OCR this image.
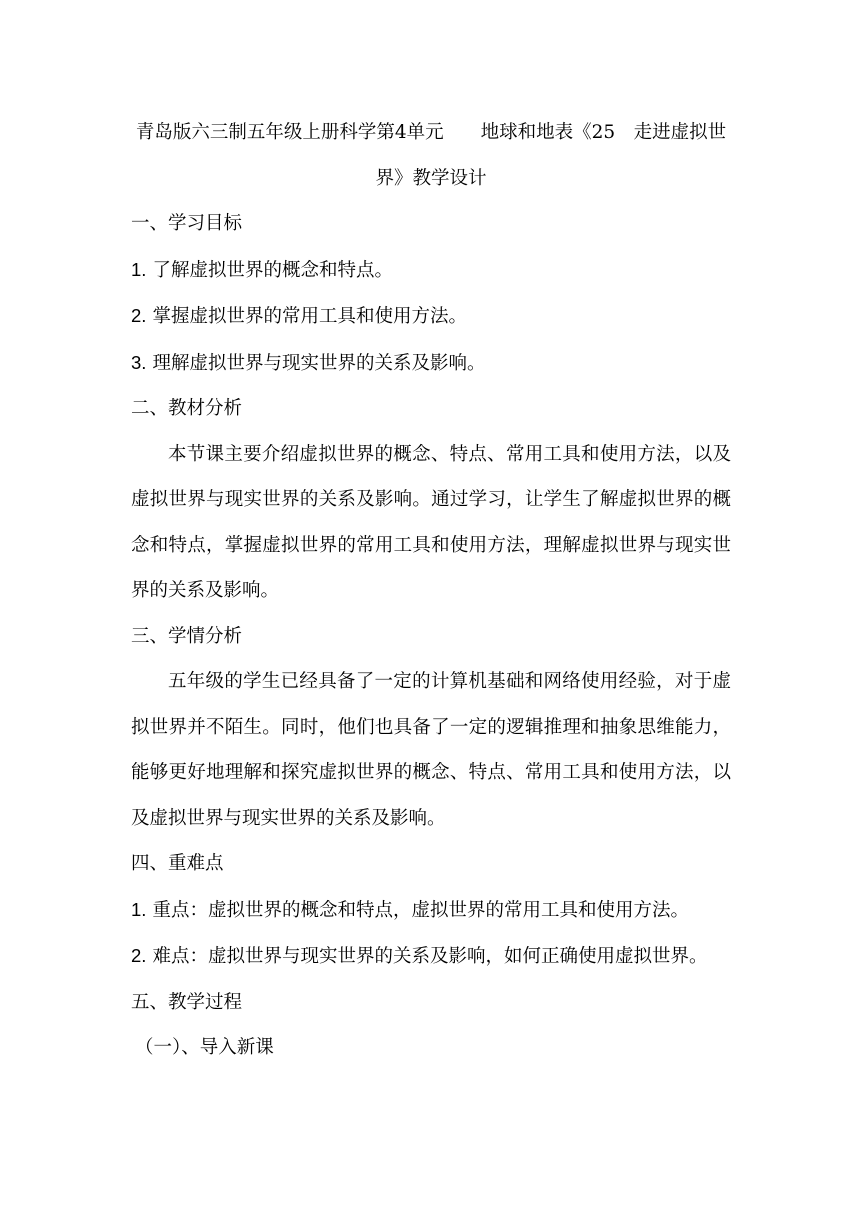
青岛版六三制五年级上册科学第4单元　　地球和地表《25　走进虚拟世界》教学设计

一、学习目标

1. 了解虚拟世界的概念和特点。

2. 掌握虚拟世界的常用工具和使用方法。

3. 理解虚拟世界与现实世界的关系及影响。

二、教材分析

本节课主要介绍虚拟世界的概念、特点、常用工具和使用方法，以及虚拟世界与现实世界的关系及影响。通过学习，让学生了解虚拟世界的概念和特点，掌握虚拟世界的常用工具和使用方法，理解虚拟世界与现实世界的关系及影响。

三、学情分析

五年级的学生已经具备了一定的计算机基础和网络使用经验，对于虚拟世界并不陌生。同时，他们也具备了一定的逻辑推理和抽象思维能力，能够更好地理解和探究虚拟世界的概念、特点、常用工具和使用方法，以及虚拟世界与现实世界的关系及影响。

四、重难点

1. 重点：虚拟世界的概念和特点，虚拟世界的常用工具和使用方法。

2. 难点：虚拟世界与现实世界的关系及影响，如何正确使用虚拟世界。

五、教学过程

（一）、导入新课
